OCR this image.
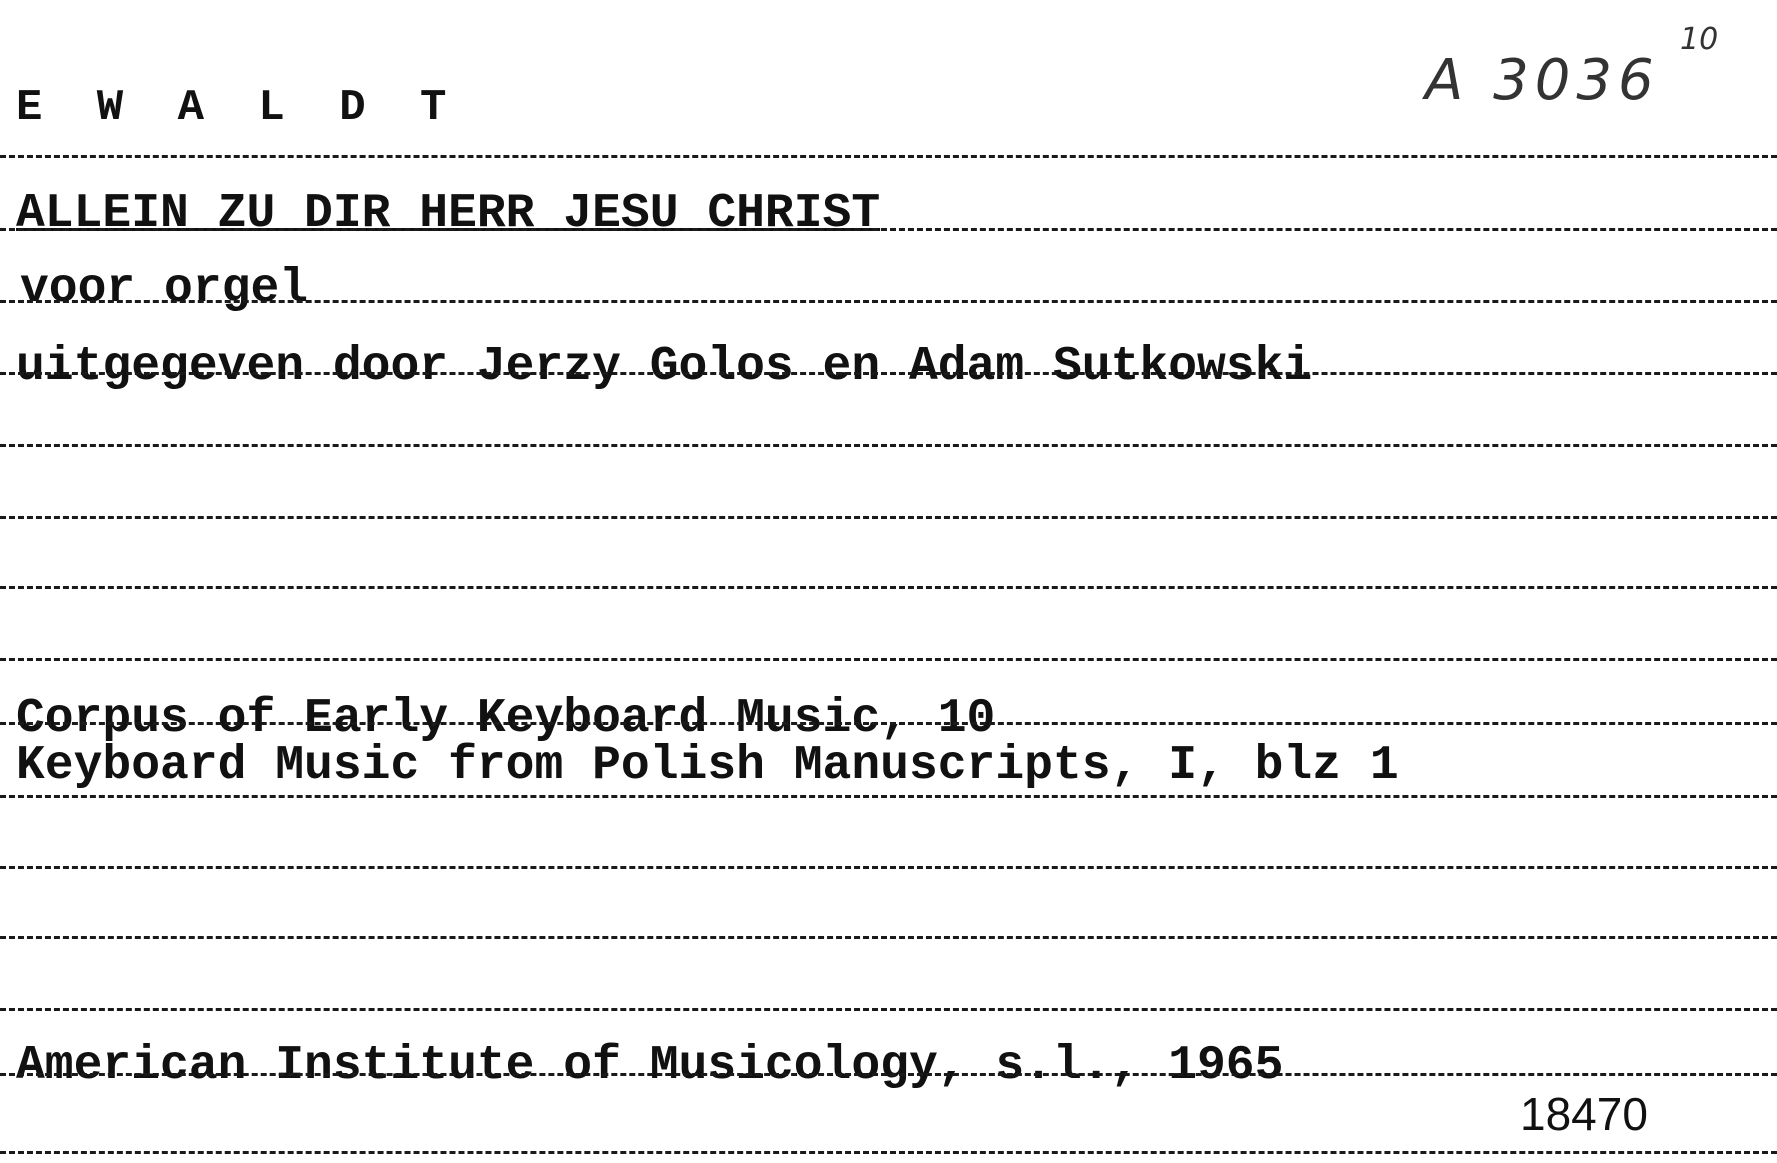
E W A L D T	A 3036
10
ALLEIN ZU DIR HERR JESU CHRIST
voor orgel
uitgegeven door Jerzy Golos en Adam Sutkowski
Corpus of Early Keyboard Music, 10
Keyboard Music from Polish Manuscripts, I, blz 1
American Institute of Musicology, s.l., 1965
18470
